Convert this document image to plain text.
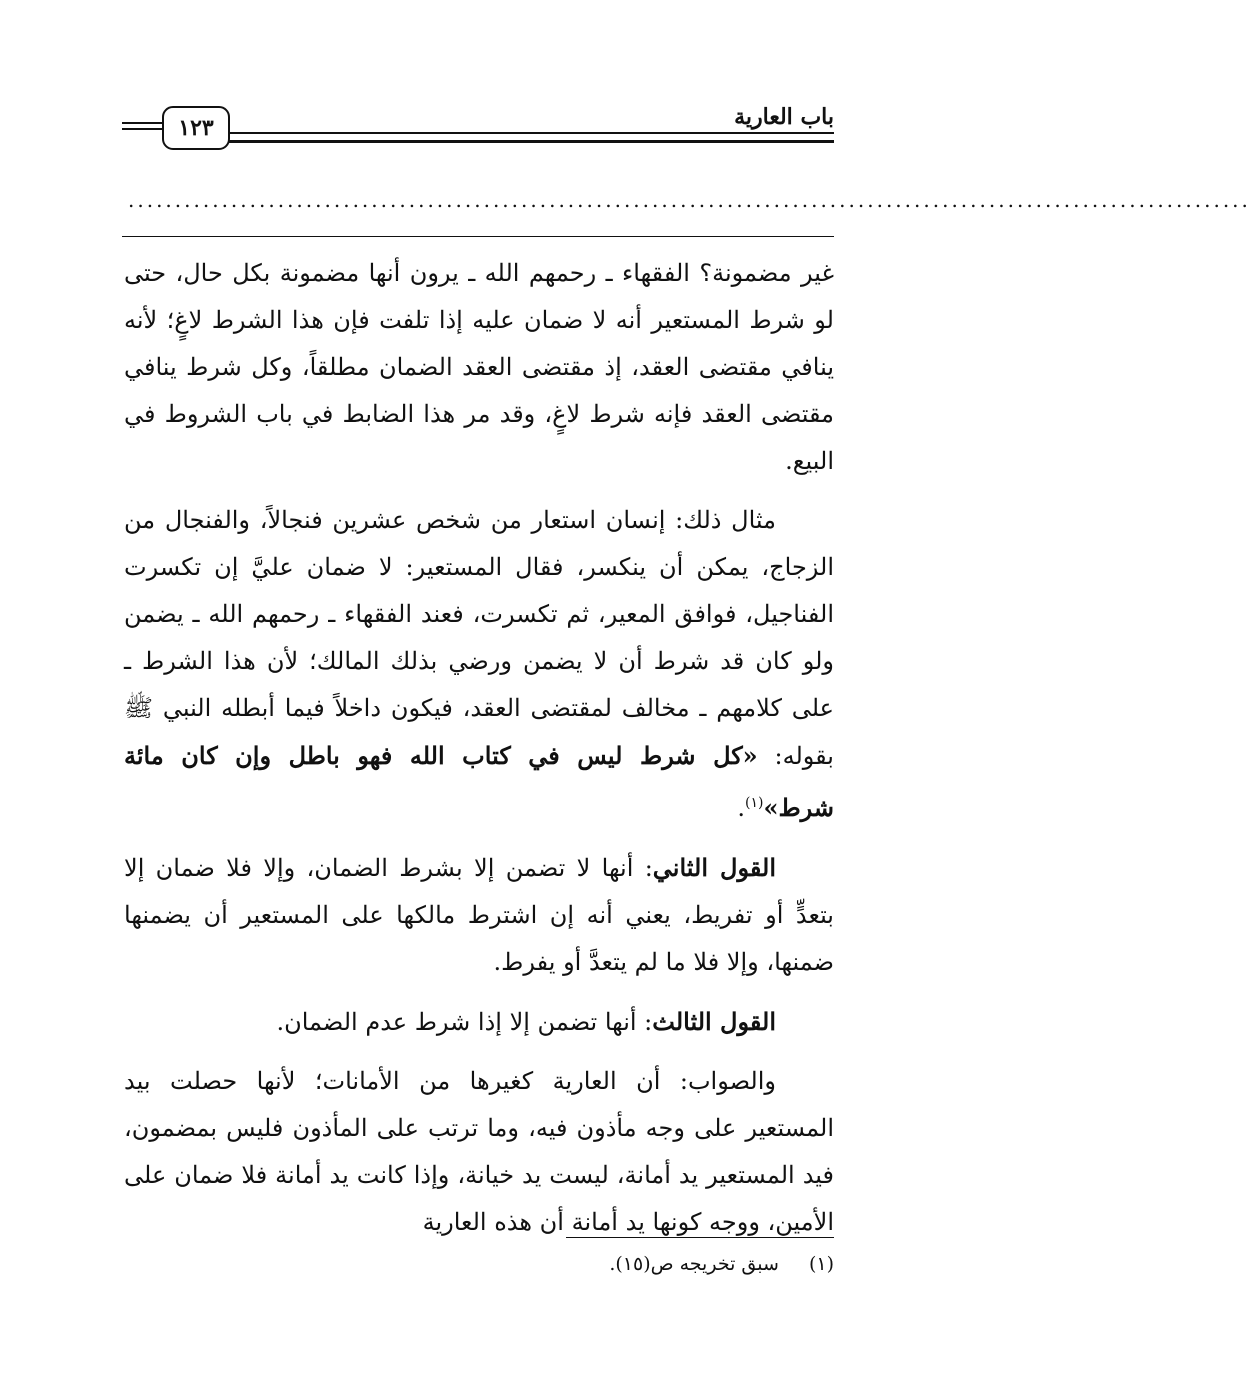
١٢٣	باب العارية
........................................................................................................................

غير مضمونة؟ الفقهاء ـ رحمهم الله ـ يرون أنها مضمونة بكل حال، حتى لو شرط المستعير أنه لا ضمان عليه إذا تلفت فإن هذا الشرط لاغٍ؛ لأنه ينافي مقتضى العقد، إذ مقتضى العقد الضمان مطلقاً، وكل شرط ينافي مقتضى العقد فإنه شرط لاغٍ، وقد مر هذا الضابط في باب الشروط في البيع.

مثال ذلك: إنسان استعار من شخص عشرين فنجالاً، والفنجال من الزجاج، يمكن أن ينكسر، فقال المستعير: لا ضمان عليَّ إن تكسرت الفناجيل، فوافق المعير، ثم تكسرت، فعند الفقهاء ـ رحمهم الله ـ يضمن ولو كان قد شرط أن لا يضمن ورضي بذلك المالك؛ لأن هذا الشرط ـ على كلامهم ـ مخالف لمقتضى العقد، فيكون داخلاً فيما أبطله النبي ﷺ بقوله: «كل شرط ليس في كتاب الله فهو باطل وإن كان مائة شرط»$^{(١)}$.

القول الثاني: أنها لا تضمن إلا بشرط الضمان، وإلا فلا ضمان إلا بتعدٍّ أو تفريط، يعني أنه إن اشترط مالكها على المستعير أن يضمنها ضمنها، وإلا فلا ما لم يتعدَّ أو يفرط.

القول الثالث: أنها تضمن إلا إذا شرط عدم الضمان.

والصواب: أن العارية كغيرها من الأمانات؛ لأنها حصلت بيد المستعير على وجه مأذون فيه، وما ترتب على المأذون فليس بمضمون، فيد المستعير يد أمانة، ليست يد خيانة، وإذا كانت يد أمانة فلا ضمان على الأمين، ووجه كونها يد أمانة أن هذه العارية

(١)سبق تخريجه ص(١٥).
